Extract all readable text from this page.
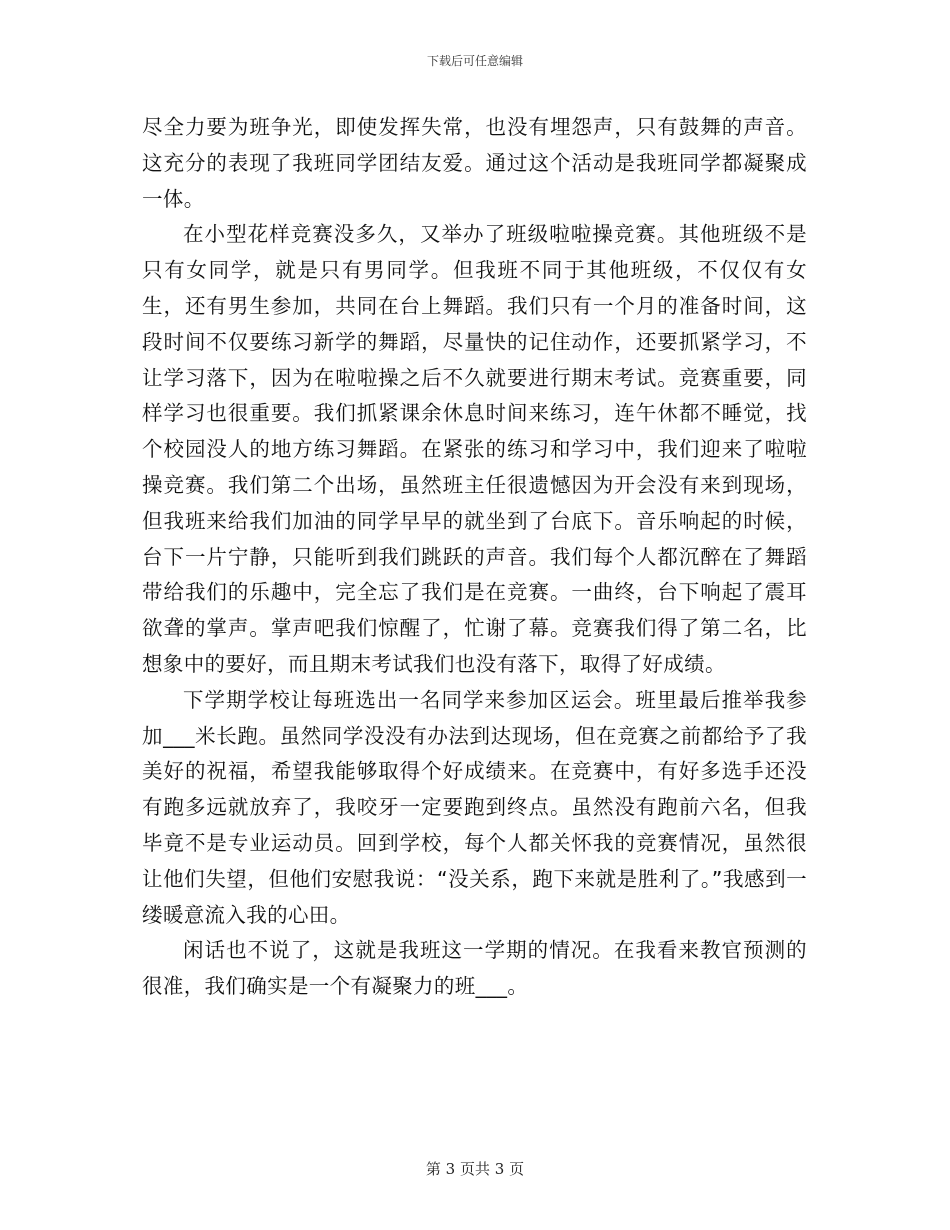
下载后可任意编辑

尽全力要为班争光，即使发挥失常，也没有埋怨声，只有鼓舞的声音。这充分的表现了我班同学团结友爱。通过这个活动是我班同学都凝聚成一体。

在小型花样竞赛没多久，又举办了班级啦啦操竞赛。其他班级不是只有女同学，就是只有男同学。但我班不同于其他班级，不仅仅有女生，还有男生参加，共同在台上舞蹈。我们只有一个月的准备时间，这段时间不仅要练习新学的舞蹈，尽量快的记住动作，还要抓紧学习，不让学习落下，因为在啦啦操之后不久就要进行期末考试。竞赛重要，同样学习也很重要。我们抓紧课余休息时间来练习，连午休都不睡觉，找个校园没人的地方练习舞蹈。在紧张的练习和学习中，我们迎来了啦啦操竞赛。我们第二个出场，虽然班主任很遗憾因为开会没有来到现场，但我班来给我们加油的同学早早的就坐到了台底下。音乐响起的时候，台下一片宁静，只能听到我们跳跃的声音。我们每个人都沉醉在了舞蹈带给我们的乐趣中，完全忘了我们是在竞赛。一曲终，台下响起了震耳欲聋的掌声。掌声吧我们惊醒了，忙谢了幕。竞赛我们得了第二名，比想象中的要好，而且期末考试我们也没有落下，取得了好成绩。

下学期学校让每班选出一名同学来参加区运会。班里最后推举我参加___米长跑。虽然同学没没有办法到达现场，但在竞赛之前都给予了我美好的祝福，希望我能够取得个好成绩来。在竞赛中，有好多选手还没有跑多远就放弃了，我咬牙一定要跑到终点。虽然没有跑前六名，但我毕竟不是专业运动员。回到学校，每个人都关怀我的竞赛情况，虽然很让他们失望，但他们安慰我说：“没关系，跑下来就是胜利了。”我感到一缕暖意流入我的心田。

闲话也不说了，这就是我班这一学期的情况。在我看来教官预测的很准，我们确实是一个有凝聚力的班___。

第 3 页共 3 页
